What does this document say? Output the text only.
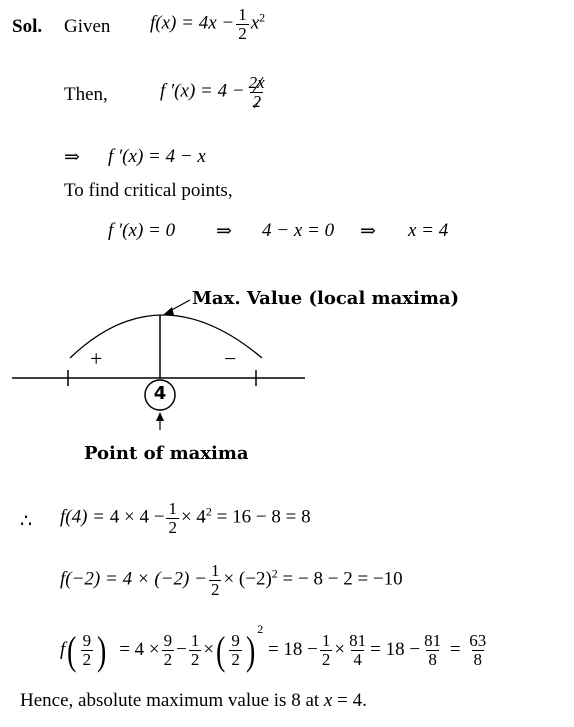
Sol. Given $f(x) = 4x - \frac{1}{2} x^2$
Then,	f $'(x) = 4 - \frac{2x}{2}$
⇒ f ′(x) = 4 − x
To find critical points,
f ′(x) = 0 ⇒ 4 − x = 0 ⇒ x = 4
Max. Value (local maxima)
+	−
4
Point of maxima
∴ $f(4) = 4 \times 4 - \frac{1}{2} \times 4^2 = 16 - 8 = 8$
$f(-2) = 4 \times (-2) - \frac{1}{2} \times (-2)^2$ = − 8 − 2 = −10
$f( \frac{9}{2}$ ) = $4 \times \frac{9}{2} - \frac{1}{2}$ ×( $\frac{9}{2}$ ) $^2 = 18 - \frac{1}{2} \times \frac{81}{4} = 18 - \frac{81}{8} = \frac{63}{8}$
Hence, absolute maximum value is 8 at x = 4.
